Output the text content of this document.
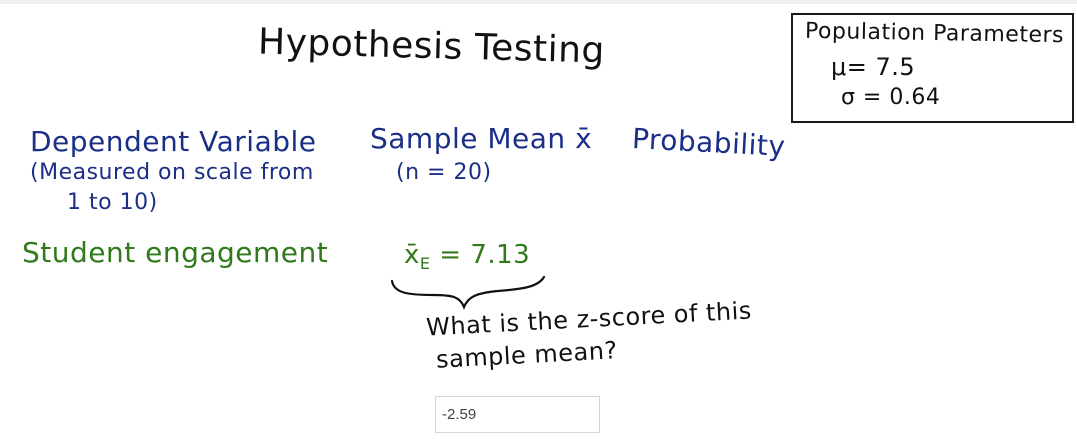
Hypothesis Testing	Population Parameters
μ= 7.5
σ = 0.64
Dependent Variable
(Measured on scale from
1 to 10)
Sample Mean x̄
(n = 20)
Probability
Student engagement	$x̄_E = 7.13$
What is the z-score of this
sample mean?
-2.59
